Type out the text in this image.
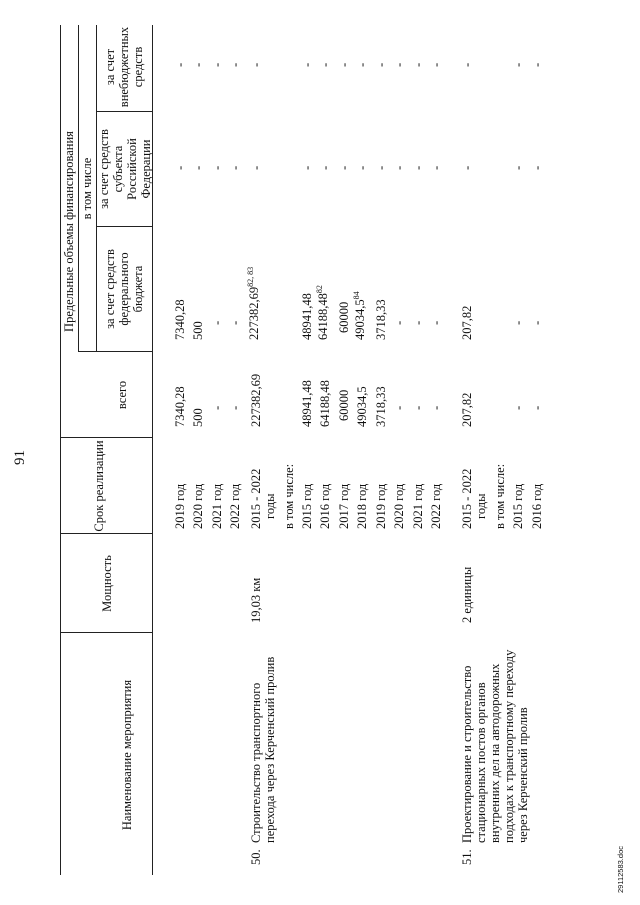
91
Наименование мероприятия
Мощность
Срок реализации
Предельные объемы финансирования
всего
в том числе
за счет средств федерального бюджета
за счет средств субъекта Российской Федерации
за счет внебюджетных средств
2019 год
7340,28
7340,28
-
-
2020 год
500
500
-
-
2021 год
-
-
-
-
2022 год
-
-
-
-
50.
Строительство транспортного перехода через Керченский пролив
19,03 км
2015 - 2022 годы
227382,69
227382,69$^{82, 83}$
-
-
в том числе: 2015 год
48941,48
48941,48
-
-
2016 год
64188,48
64188,48$^{82}$
-
-
2017 год
60000
60000
-
-
2018 год
49034,5
49034,5$^{84}$
-
-
2019 год
3718,33
3718,33
-
-
2020 год
-
-
-
-
2021 год
-
-
-
-
2022 год
-
-
-
-
51.
Проектирование и строительство стационарных постов органов внутренних дел на автодорожных подходах к транспортному переходу через Керченский пролив
2 единицы
2015 - 2022 годы
207,82
207,82
-
-
в том числе: 2015 год
-
-
-
-
2016 год
-
-
-
-
29112583.doc
